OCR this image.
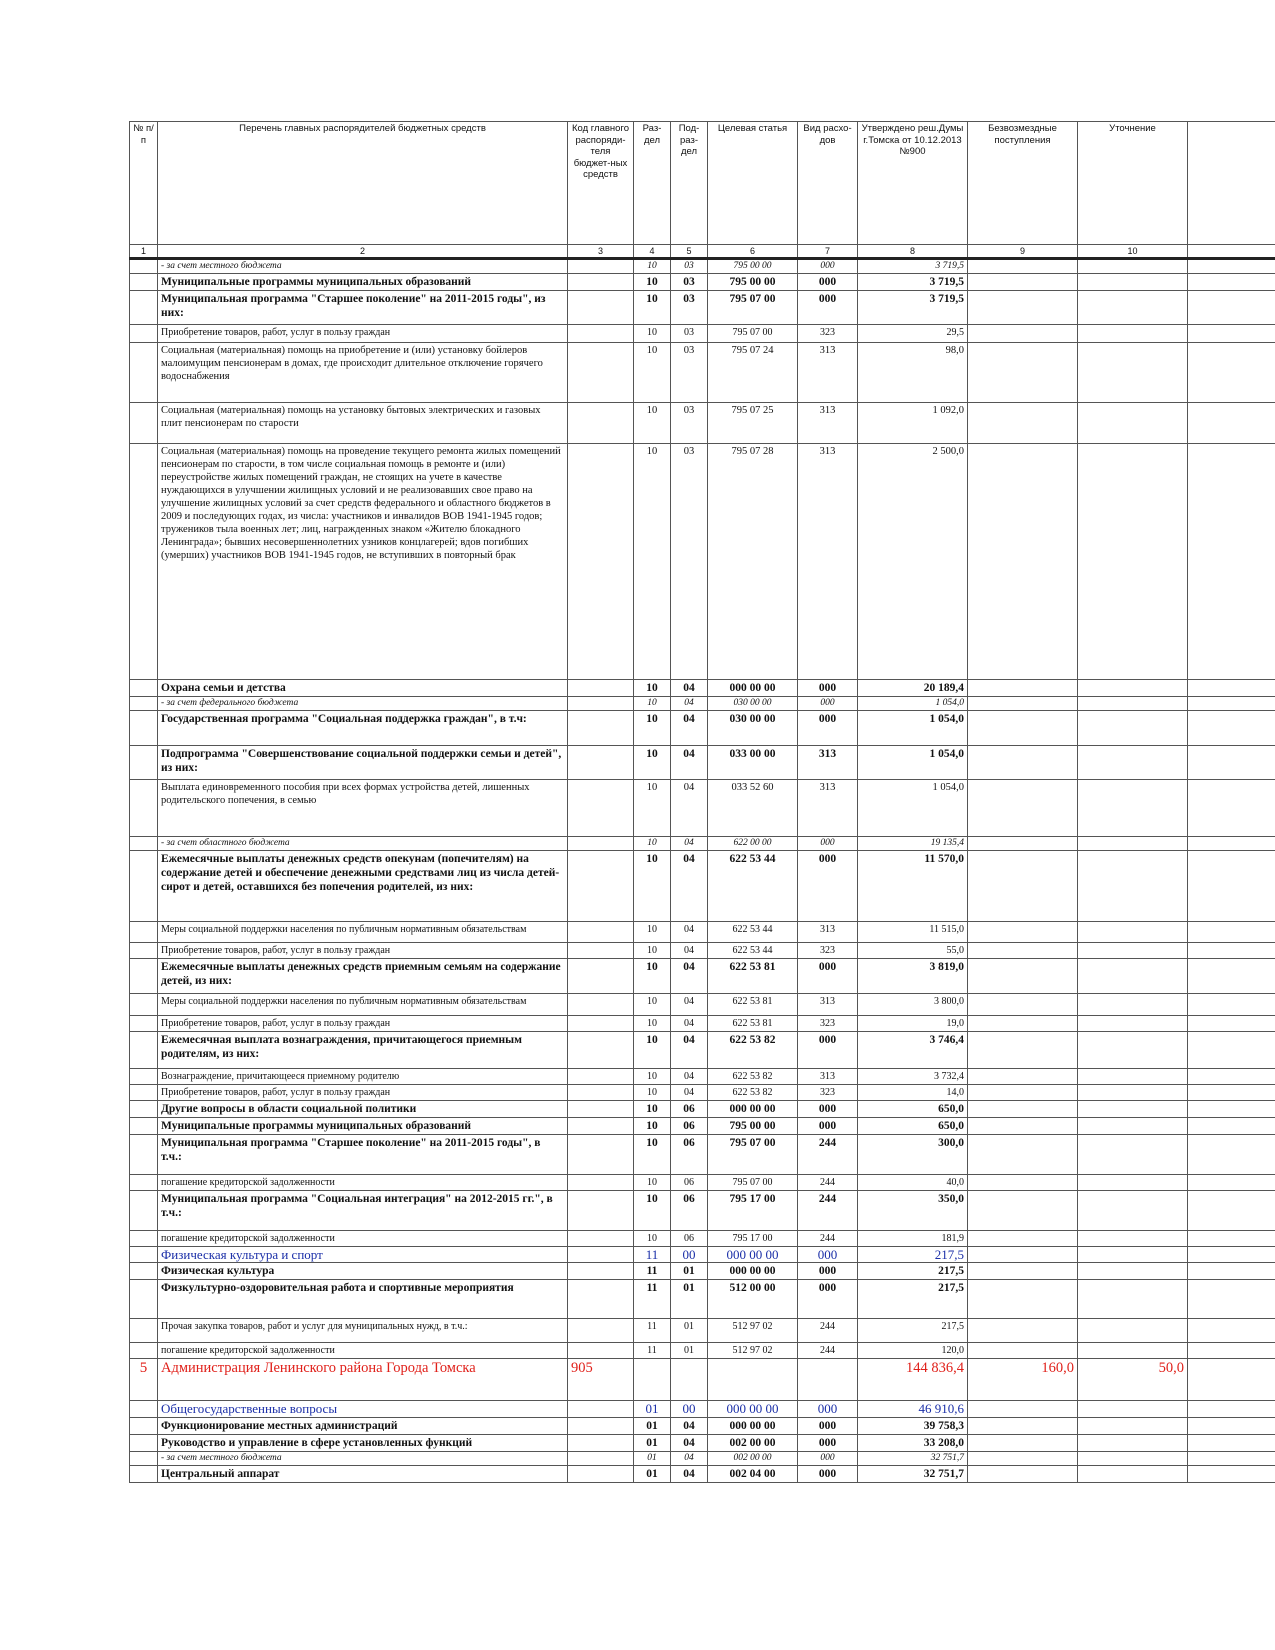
№ п/п	Перечень главных распорядителей бюджетных средств	Код главного распоряди-теля бюджет-ных средств	Раз-дел	Под-раз-дел	Целевая статья	Вид расхо-дов	Утверждено реш.Думы г.Томска от 10.12.2013 №900	Безвозмездные поступления	Уточнение	
1	2	3	4	5	6	7	8	9	10	
	- за счет местного бюджета		10	03	795 00 00	000	3 719,5			
	Муниципальные программы муниципальных образований		10	03	795 00 00	000	3 719,5			
	Муниципальная программа "Старшее поколение" на 2011-2015 годы", из них:		10	03	795 07 00	000	3 719,5			
	Приобретение товаров, работ, услуг в пользу граждан		10	03	795 07 00	323	29,5			
	Социальная (материальная) помощь на приобретение и (или) установку бойлеров малоимущим пенсионерам в домах, где происходит длительное отключение горячего водоснабжения		10	03	795 07 24	313	98,0			
	Социальная (материальная) помощь на установку бытовых электрических и газовых плит пенсионерам по старости		10	03	795 07 25	313	1 092,0			
	Социальная (материальная) помощь на проведение текущего ремонта жилых помещений пенсионерам по старости, в том числе социальная помощь в ремонте и (или) переустройстве жилых помещений граждан, не стоящих на учете в качестве нуждающихся в улучшении жилищных условий и не реализовавших свое право на улучшение жилищных условий за счет средств федерального и областного бюджетов в 2009 и последующих годах, из числа: участников и инвалидов ВОВ 1941-1945 годов; тружеников тыла военных лет; лиц, награжденных знаком «Жителю блокадного Ленинграда»; бывших несовершеннолетних узников концлагерей; вдов погибших (умерших) участников ВОВ 1941-1945 годов, не вступивших в повторный брак		10	03	795 07 28	313	2 500,0			
	Охрана семьи и детства		10	04	000 00 00	000	20 189,4			
	- за счет федерального бюджета		10	04	030 00 00	000	1 054,0			
	Государственная программа "Социальная поддержка граждан", в т.ч:		10	04	030 00 00	000	1 054,0			
	Подпрограмма "Совершенствование социальной поддержки семьи и детей", из них:		10	04	033 00 00	313	1 054,0			
	Выплата единовременного пособия при всех формах устройства детей, лишенных родительского попечения, в семью		10	04	033 52 60	313	1 054,0			
	- за счет областного бюджета		10	04	622 00 00	000	19 135,4			
	Ежемесячные выплаты денежных средств опекунам (попечителям) на содержание детей и обеспечение денежными средствами лиц из числа детей-сирот и детей, оставшихся без попечения родителей, из них:		10	04	622 53 44	000	11 570,0			
	Меры социальной поддержки населения по публичным нормативным обязательствам		10	04	622 53 44	313	11 515,0			
	Приобретение товаров, работ, услуг в пользу граждан		10	04	622 53 44	323	55,0			
	Ежемесячные выплаты денежных средств приемным семьям на содержание детей, из них:		10	04	622 53 81	000	3 819,0			
	Меры социальной поддержки населения по публичным нормативным обязательствам		10	04	622 53 81	313	3 800,0			
	Приобретение товаров, работ, услуг в пользу граждан		10	04	622 53 81	323	19,0			
	Ежемесячная выплата вознаграждения, причитающегося приемным родителям, из них:		10	04	622 53 82	000	3 746,4			
	Вознаграждение, причитающееся приемному родителю		10	04	622 53 82	313	3 732,4			
	Приобретение товаров, работ, услуг в пользу граждан		10	04	622 53 82	323	14,0			
	Другие вопросы в области социальной политики		10	06	000 00 00	000	650,0			
	Муниципальные программы муниципальных образований		10	06	795 00 00	000	650,0			
	Муниципальная программа "Старшее поколение" на 2011-2015 годы", в т.ч.:		10	06	795 07 00	244	300,0			
	погашение кредиторской задолженности		10	06	795 07 00	244	40,0			
	Муниципальная программа "Социальная интеграция" на 2012-2015 гг.", в т.ч.:		10	06	795 17 00	244	350,0			
	погашение кредиторской задолженности		10	06	795 17 00	244	181,9			
	Физическая культура и спорт		11	00	000 00 00	000	217,5			
	Физическая культура		11	01	000 00 00	000	217,5			
	Физкультурно-оздоровительная работа и спортивные мероприятия		11	01	512 00 00	000	217,5			
	Прочая закупка товаров, работ и услуг для муниципальных нужд, в т.ч.:		11	01	512 97 02	244	217,5			
	погашение кредиторской задолженности		11	01	512 97 02	244	120,0			
5	Администрация Ленинского района Города Томска	905					144 836,4	160,0	50,0	
	Общегосударственные вопросы		01	00	000 00 00	000	46 910,6			
	Функционирование местных администраций		01	04	000 00 00	000	39 758,3			
	Руководство и управление в сфере установленных функций		01	04	002 00 00	000	33 208,0			
	- за счет местного бюджета		01	04	002 00 00	000	32 751,7			
	Центральный аппарат		01	04	002 04 00	000	32 751,7			
